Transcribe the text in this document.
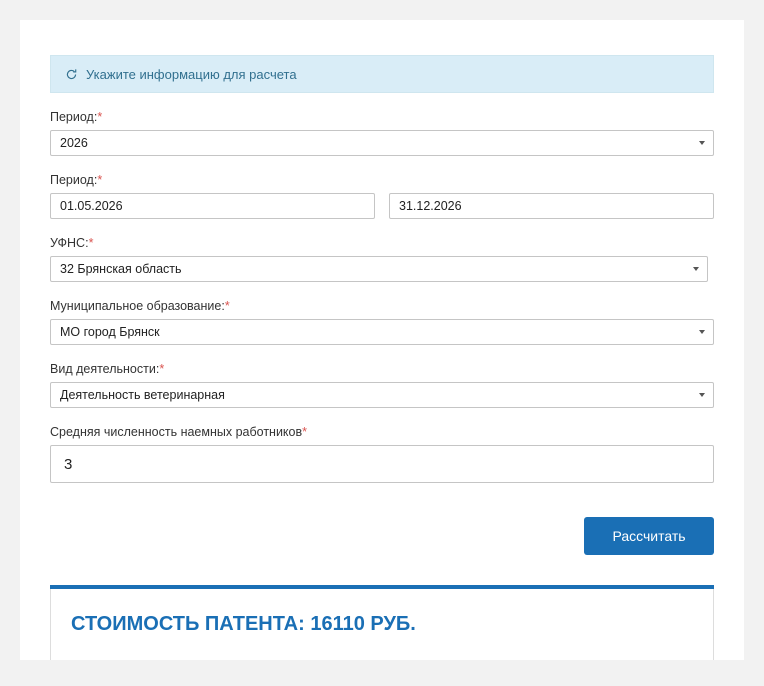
Укажите информацию для расчета
Период:*
2026
Период:*
01.05.2026	31.12.2026
УФНС:*
32 Брянская область
Муниципальное образование:*
МО город Брянск
Вид деятельности:*
Деятельность ветеринарная
Средняя численность наемных работников*
3
Рассчитать
СТОИМОСТЬ ПАТЕНТА: 16110 РУБ.
